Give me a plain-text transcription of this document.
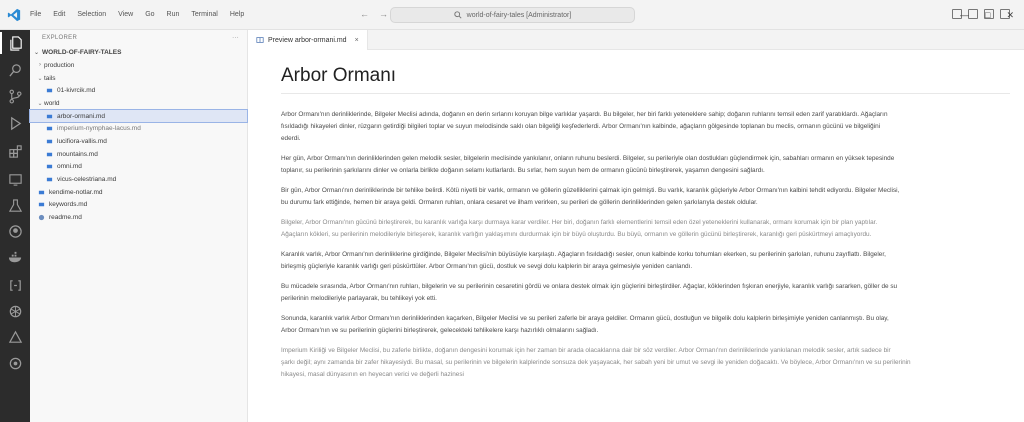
File Edit Selection View Go Run Terminal Help	← →	world-of-fairy-tales [Administrator]	— □ ✕
EXPLORER	···
⌄ WORLD-OF-FAIRY-TALES
› production
⌄ tails
01-kivrcik.md
⌄ world
arbor-ormani.md
imperium-nymphae-lacus.md
lucifiora-vallis.md
mountains.md
omni.md
vicus-celestriana.md
kendime-notlar.md
keywords.md
readme.md
Preview arbor-ormani.md ×
Arbor Ormanı
Arbor Ormanı'nın derinliklerinde, Bilgeler Meclisi adında, doğanın en derin sırlarını koruyan bilge varlıklar yaşardı. Bu bilgeler, her biri farklı yeteneklere sahip; doğanın ruhlarını temsil eden zarif yaratıklardı. Ağaçların
fısıldadığı hikayeleri dinler, rüzgarın getirdiği bilgileri toplar ve suyun melodisinde saklı olan bilgeliği keşfederlerdi. Arbor Ormanı'nın kalbinde, ağaçların gölgesinde toplanan bu meclis, ormanın gücünü ve bilgeliğini
ederdi.
Her gün, Arbor Ormanı'nın derinliklerinden gelen melodik sesler, bilgelerin meclisinde yankılanır, onların ruhunu beslerdi. Bilgeler, su perileriyle olan dostlukları güçlendirmek için, sabahları ormanın en yüksek tepesinde
toplanır, su perilerinin şarkılarını dinler ve onlarla birlikte doğanın selamı kutlarlardı. Bu sırlar, hem suyun hem de ormanın gücünü birleştirerek, yaşamın dengesini sağlardı.
Bir gün, Arbor Ormanı'nın derinliklerinde bir tehlike belirdi. Kötü niyetli bir varlık, ormanın ve göllerin güzelliklerini çalmak için gelmişti. Bu varlık, karanlık güçleriyle Arbor Ormanı'nın kalbini tehdit ediyordu. Bilgeler Meclisi,
bu durumu fark ettiğinde, hemen bir araya geldi. Ormanın ruhları, onlara cesaret ve ilham verirken, su perileri de göllerin derinliklerinden gelen şarkılarıyla destek oldular.
Bilgeler, Arbor Ormanı'nın gücünü birleştirerek, bu karanlık varlığa karşı durmaya karar verdiler. Her biri, doğanın farklı elementlerini temsil eden özel yeteneklerini kullanarak, ormanı korumak için bir plan yaptılar.
Ağaçların kökleri, su perilerinin melodileriyle birleşerek, karanlık varlığın yaklaşımını durdurmak için bir büyü oluşturdu. Bu büyü, ormanın ve göllerin gücünü birleştirerek, karanlığı geri püskürtmeyi amaçlıyordu.
Karanlık varlık, Arbor Ormanı'nın derinliklerine girdiğinde, Bilgeler Meclisi'nin büyüsüyle karşılaştı. Ağaçların fısıldadığı sesler, onun kalbinde korku tohumları ekerken, su perilerinin şarkıları, ruhunu zayıflattı. Bilgeler,
birleşmiş güçleriyle karanlık varlığı geri püskürttüler. Arbor Ormanı'nın gücü, dostluk ve sevgi dolu kalplerin bir araya gelmesiyle yeniden canlandı.
Bu mücadele sırasında, Arbor Ormanı'nın ruhları, bilgelerin ve su perilerinin cesaretini gördü ve onlara destek olmak için güçlerini birleştirdiler. Ağaçlar, köklerinden fışkıran enerjiyle, karanlık varlığı sararken, göller de su
perilerinin melodileriyle parlayarak, bu tehlikeyi yok etti.
Sonunda, karanlık varlık Arbor Ormanı'nın derinliklerinden kaçarken, Bilgeler Meclisi ve su perileri zaferle bir araya geldiler. Ormanın gücü, dostluğun ve bilgelik dolu kalplerin birleşimiyle yeniden canlanmıştı. Bu olay,
Arbor Ormanı'nın ve su perilerinin güçlerini birleştirerek, gelecekteki tehlikelere karşı hazırlıklı olmalarını sağladı.
Imperium Kiriliği ve Bilgeler Meclisi, bu zaferle birlikte, doğanın dengesini korumak için her zaman bir arada olacaklarına dair bir söz verdiler. Arbor Ormanı'nın derinliklerinde yankılanan melodik sesler, artık sadece bir
şarkı değil; aynı zamanda bir zafer hikayesiydi. Bu masal, su perilerinin ve bilgelerin kalplerinde sonsuza dek yaşayacak, her sabah yeni bir umut ve sevgi ile yeniden doğacaktı. Ve böylece, Arbor Ormanı'nın ve su perilerinin
hikayesi, masal dünyasının en heyecan verici ve değerli hazinesi
